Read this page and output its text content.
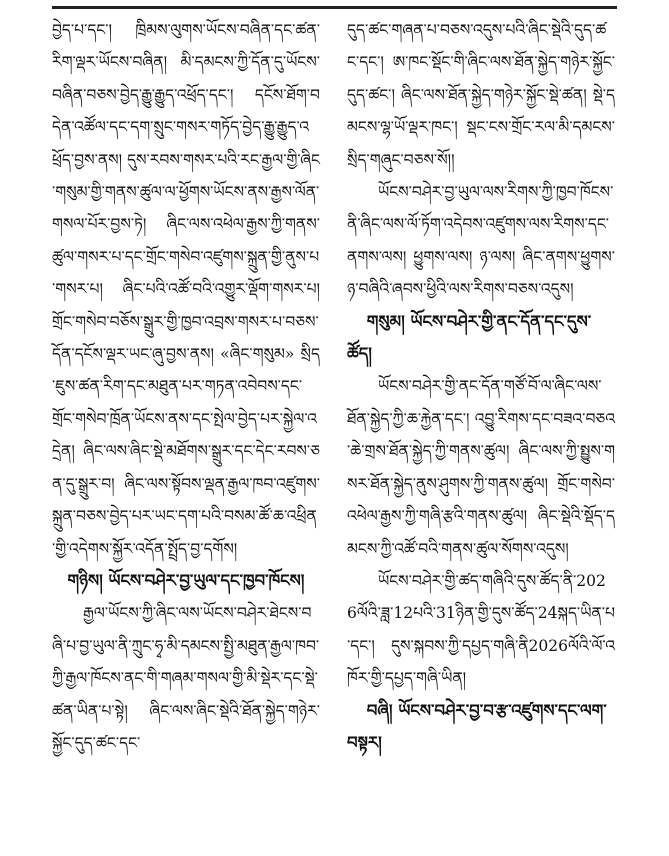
བྱེད་པ་དང་། ཁྲིམས་ལུགས་ཡོངས་བཞིན་དང་ཚན་རིག་ལྡར་ཡོངས་བཞིན། མི་དམངས་ཀྱི་དོན་དུ་ཡོངས་བཞིན་བཅས་བྱེད་རྒྱུ་རྒྱུད་འཕྲོད་དང་། དངོས་ཐོག་བདེན་འཚོལ་དང་དག་སྲུང་གསར་གཏོད་བྱེད་རྒྱུ་རྒྱུད་འཕྲོད་བྱས་ནས། དུས་རབས་གསར་པའི་རང་རྒྱལ་གྱི་ཞིང་གསུམ་གྱི་གནས་ཚུལ་ལ་ཕྱོགས་ཡོངས་ནས་རྒྱས་ལོན་གསལ་པོར་བྱས་ཏེ། ཞིང་ལས་འཕེལ་རྒྱས་ཀྱི་གནས་ཚུལ་གསར་པ་དང་གྲོང་གསེབ་འཛུགས་སྐྲུན་གྱི་ནུས་པ་གསར་པ། ཞིང་པའི་འཚོ་བའི་འགྱུར་ལྡོག་གསར་པ། གྲོང་གསེབ་བཅོས་སྒྲུར་གྱི་ཁྱབ་འབྲས་གསར་པ་བཅས་དོན་དངོས་ལྡར་ཡང་ཞུ་བྱས་ནས། «ཞིང་གསུམ» སྲིད་ཇུས་ཚན་རིག་དང་མཐུན་པར་གཏན་འབེབས་དང་གྲོང་གསེབ་ཁྲོན་ཡོངས་ནས་དང་སྤེལ་བྱེད་པར་སྐྱེལ་འདྲེན། ཞིང་ལས་ཞིང་སྡེ་མཐོགས་སྒྲུར་དང་དེང་རབས་ཅན་དུ་སྒྲུར་བ། ཞིང་ལས་སྟོབས་ལྡན་རྒྱལ་ཁབ་འཛུགས་སྐྲུན་བཅས་བྱེད་པར་ཡང་དག་པའི་བསམ་ཚོ་ཆ་འཕྲིན་གྱི་འདེགས་སྐྱོར་འདོན་སྤྲོད་བྱ་དགོས།

གཉིས། ཡོངས་བཤེར་བྱ་ཡུལ་དང་ཁྱབ་ཁོངས།

རྒྱལ་ཡོངས་ཀྱི་ཞིང་ལས་ཡོངས་བཤེར་ཐེངས་བཞི་པ་བྱ་ཡུལ་ནི་ཀྲུང་ཧྭ་མི་དམངས་སྤྱི་མཐུན་རྒྱལ་ཁབ་ཀྱི་རྒྱལ་ཁོངས་ནང་གི་གཞམ་གསལ་གྱི་མི་སྡེར་དང་སྡེ་ཚན་ཡིན་པ་སྟེ། ཞིང་ལས་ཞིང་སྡེའི་ཐོན་སྐྱེད་གཉེར་སྐྱོང་དུད་ཚང་དང་

དུད་ཚང་གཞན་པ་བཅས་འདུས་པའི་ཞིང་སྡེའི་དུད་ཚང་དང་། ཨ་ཁང་སྡོང་གི་ཞིང་ལས་ཐོན་སྐྱེད་གཉེར་སྐྱོང་དུད་ཚང་། ཞིང་ལས་ཐོན་སྐྱེད་གཉེར་སྐྱོང་སྡེ་ཚན། སྡེ་དམངས་ལྷ་ཡོ་ལྡར་ཁང་། སྡང་ངས་གྲོང་རལ་མི་དམངས་སྲིད་གཞུང་བཅས་སོ།།

ཡོངས་བཤེར་བྱ་ཡུལ་ལས་རིགས་ཀྱི་ཁྱབ་ཁོངས་ནི་ཞིང་ལས་ལོ་ཏོག་འདེབས་འཛུགས་ལས་རིགས་དང་ནགས་ལས། ཕྱུགས་ལས། ཉ་ལས། ཞིང་ནགས་ཕྱུགས་ཉ་བཞིའི་ཞབས་ཕྱིའི་ལས་རིགས་བཅས་འདུས།

གསུམ། ཡོངས་བཤེར་གྱི་ནང་དོན་དང་དུས་ཚོད།

ཡོངས་བཤེར་གྱི་ནང་དོན་གཙོ་བོ་ལ་ཞིང་ལས་ཐོན་སྐྱེད་ཀྱི་ཆ་རྐྱེན་དང་། འབྱུ་རིགས་དང་བཟའ་བཅའ་ཆེ་གྲས་ཐོན་སྐྱེད་ཀྱི་གནས་ཚུལ། ཞིང་ལས་ཀྱི་སྤྱུས་གསར་ཐོན་སྐྱེད་ནུས་ཤུགས་ཀྱི་གནས་ཚུལ། གྲོང་གསེབ་འཕེལ་རྒྱས་ཀྱི་གཞི་རྩའི་གནས་ཚུལ། ཞིང་སྡེའི་སྡོད་དམངས་ཀྱི་འཚོ་བའི་གནས་ཚུལ་སོགས་འདུས།

ཡོངས་བཤེར་གྱི་ཚད་གཞིའི་དུས་ཚོད་ནི་2026ལོའི་ཟླ་12པའི་31ཉིན་གྱི་དུས་ཚོད་24སྐད་ཡིན་པ་དང་། དུས་སྐབས་ཀྱི་དཔྱད་གཞི་ནི2026ལོའི་ལོ་འཁོར་གྱི་དཔྱད་གཞི་ཡིན།

བཞི། ཡོངས་བཤེར་བྱ་བ་རྩ་འཛུགས་དང་ལག་བསྟར།
